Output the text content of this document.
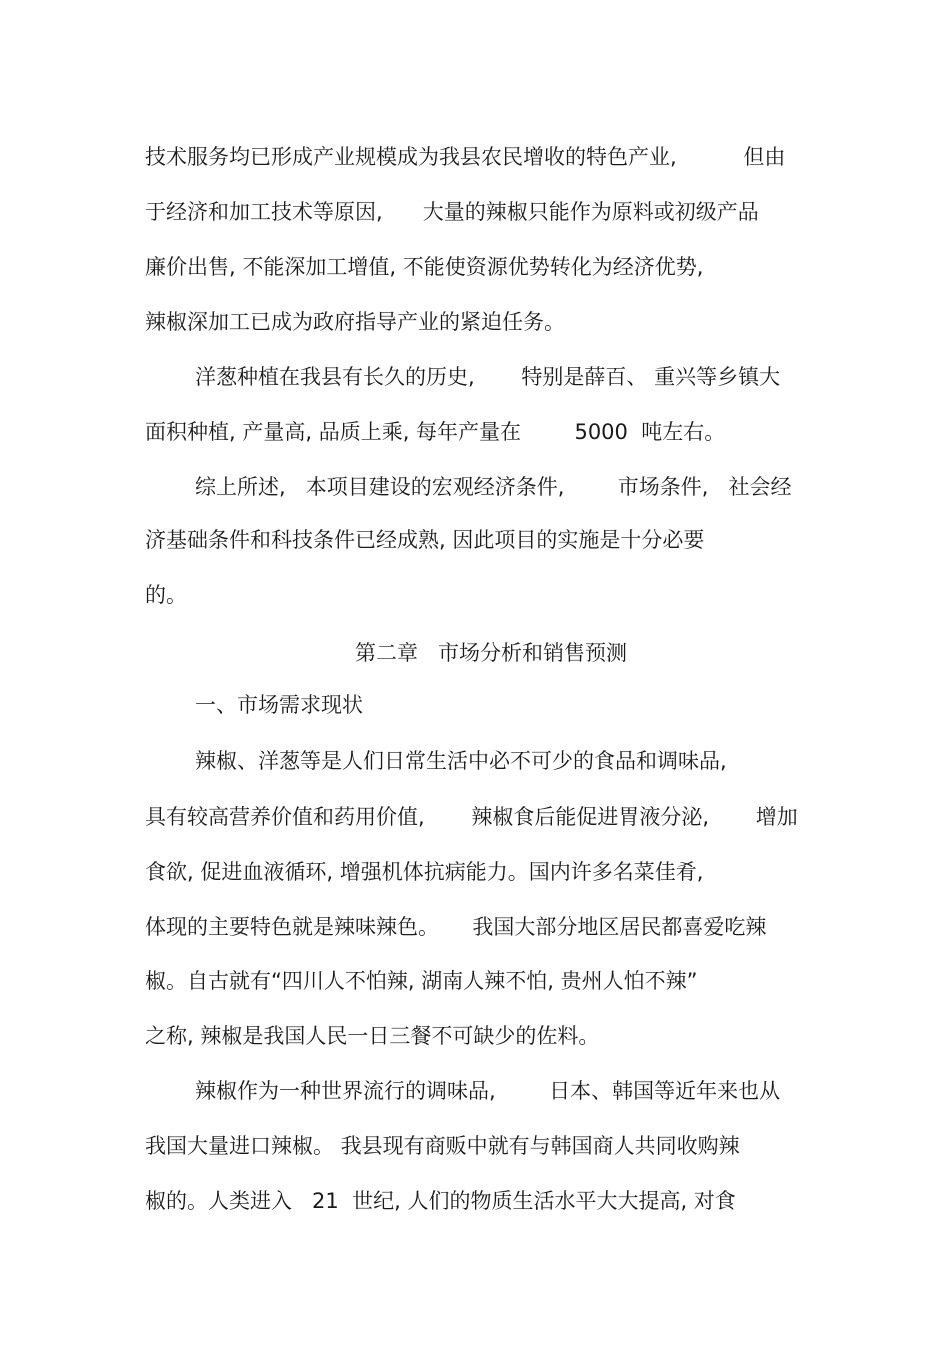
技术服务均已形成产业规模成为我县农民增收的特色产业,          但由
于经济和加工技术等原因,      大量的辣椒只能作为原料或初级产品
廉价出售, 不能深加工增值, 不能使资源优势转化为经济优势,
辣椒深加工已成为政府指导产业的紧迫任务。
洋葱种植在我县有长久的历史,       特别是薛百、 重兴等乡镇大
面积种植, 产量高, 品质上乘, 每年产量在        5000  吨左右。
综上所述,   本项目建设的宏观经济条件,        市场条件,   社会经
济基础条件和科技条件已经成熟, 因此项目的实施是十分必要
的。
第二章   市场分析和销售预测
一、市场需求现状
辣椒、洋葱等是人们日常生活中必不可少的食品和调味品,
具有较高营养价值和药用价值,       辣椒食后能促进胃液分泌,       增加
食欲, 促进血液循环, 增强机体抗病能力。国内许多名菜佳肴,
体现的主要特色就是辣味辣色。     我国大部分地区居民都喜爱吃辣
椒。自古就有“四川人不怕辣, 湖南人辣不怕, 贵州人怕不辣”
之称, 辣椒是我国人民一日三餐不可缺少的佐料。
辣椒作为一种世界流行的调味品,        日本、韩国等近年来也从
我国大量进口辣椒。 我县现有商贩中就有与韩国商人共同收购辣
椒的。人类进入   21  世纪, 人们的物质生活水平大大提高, 对食
